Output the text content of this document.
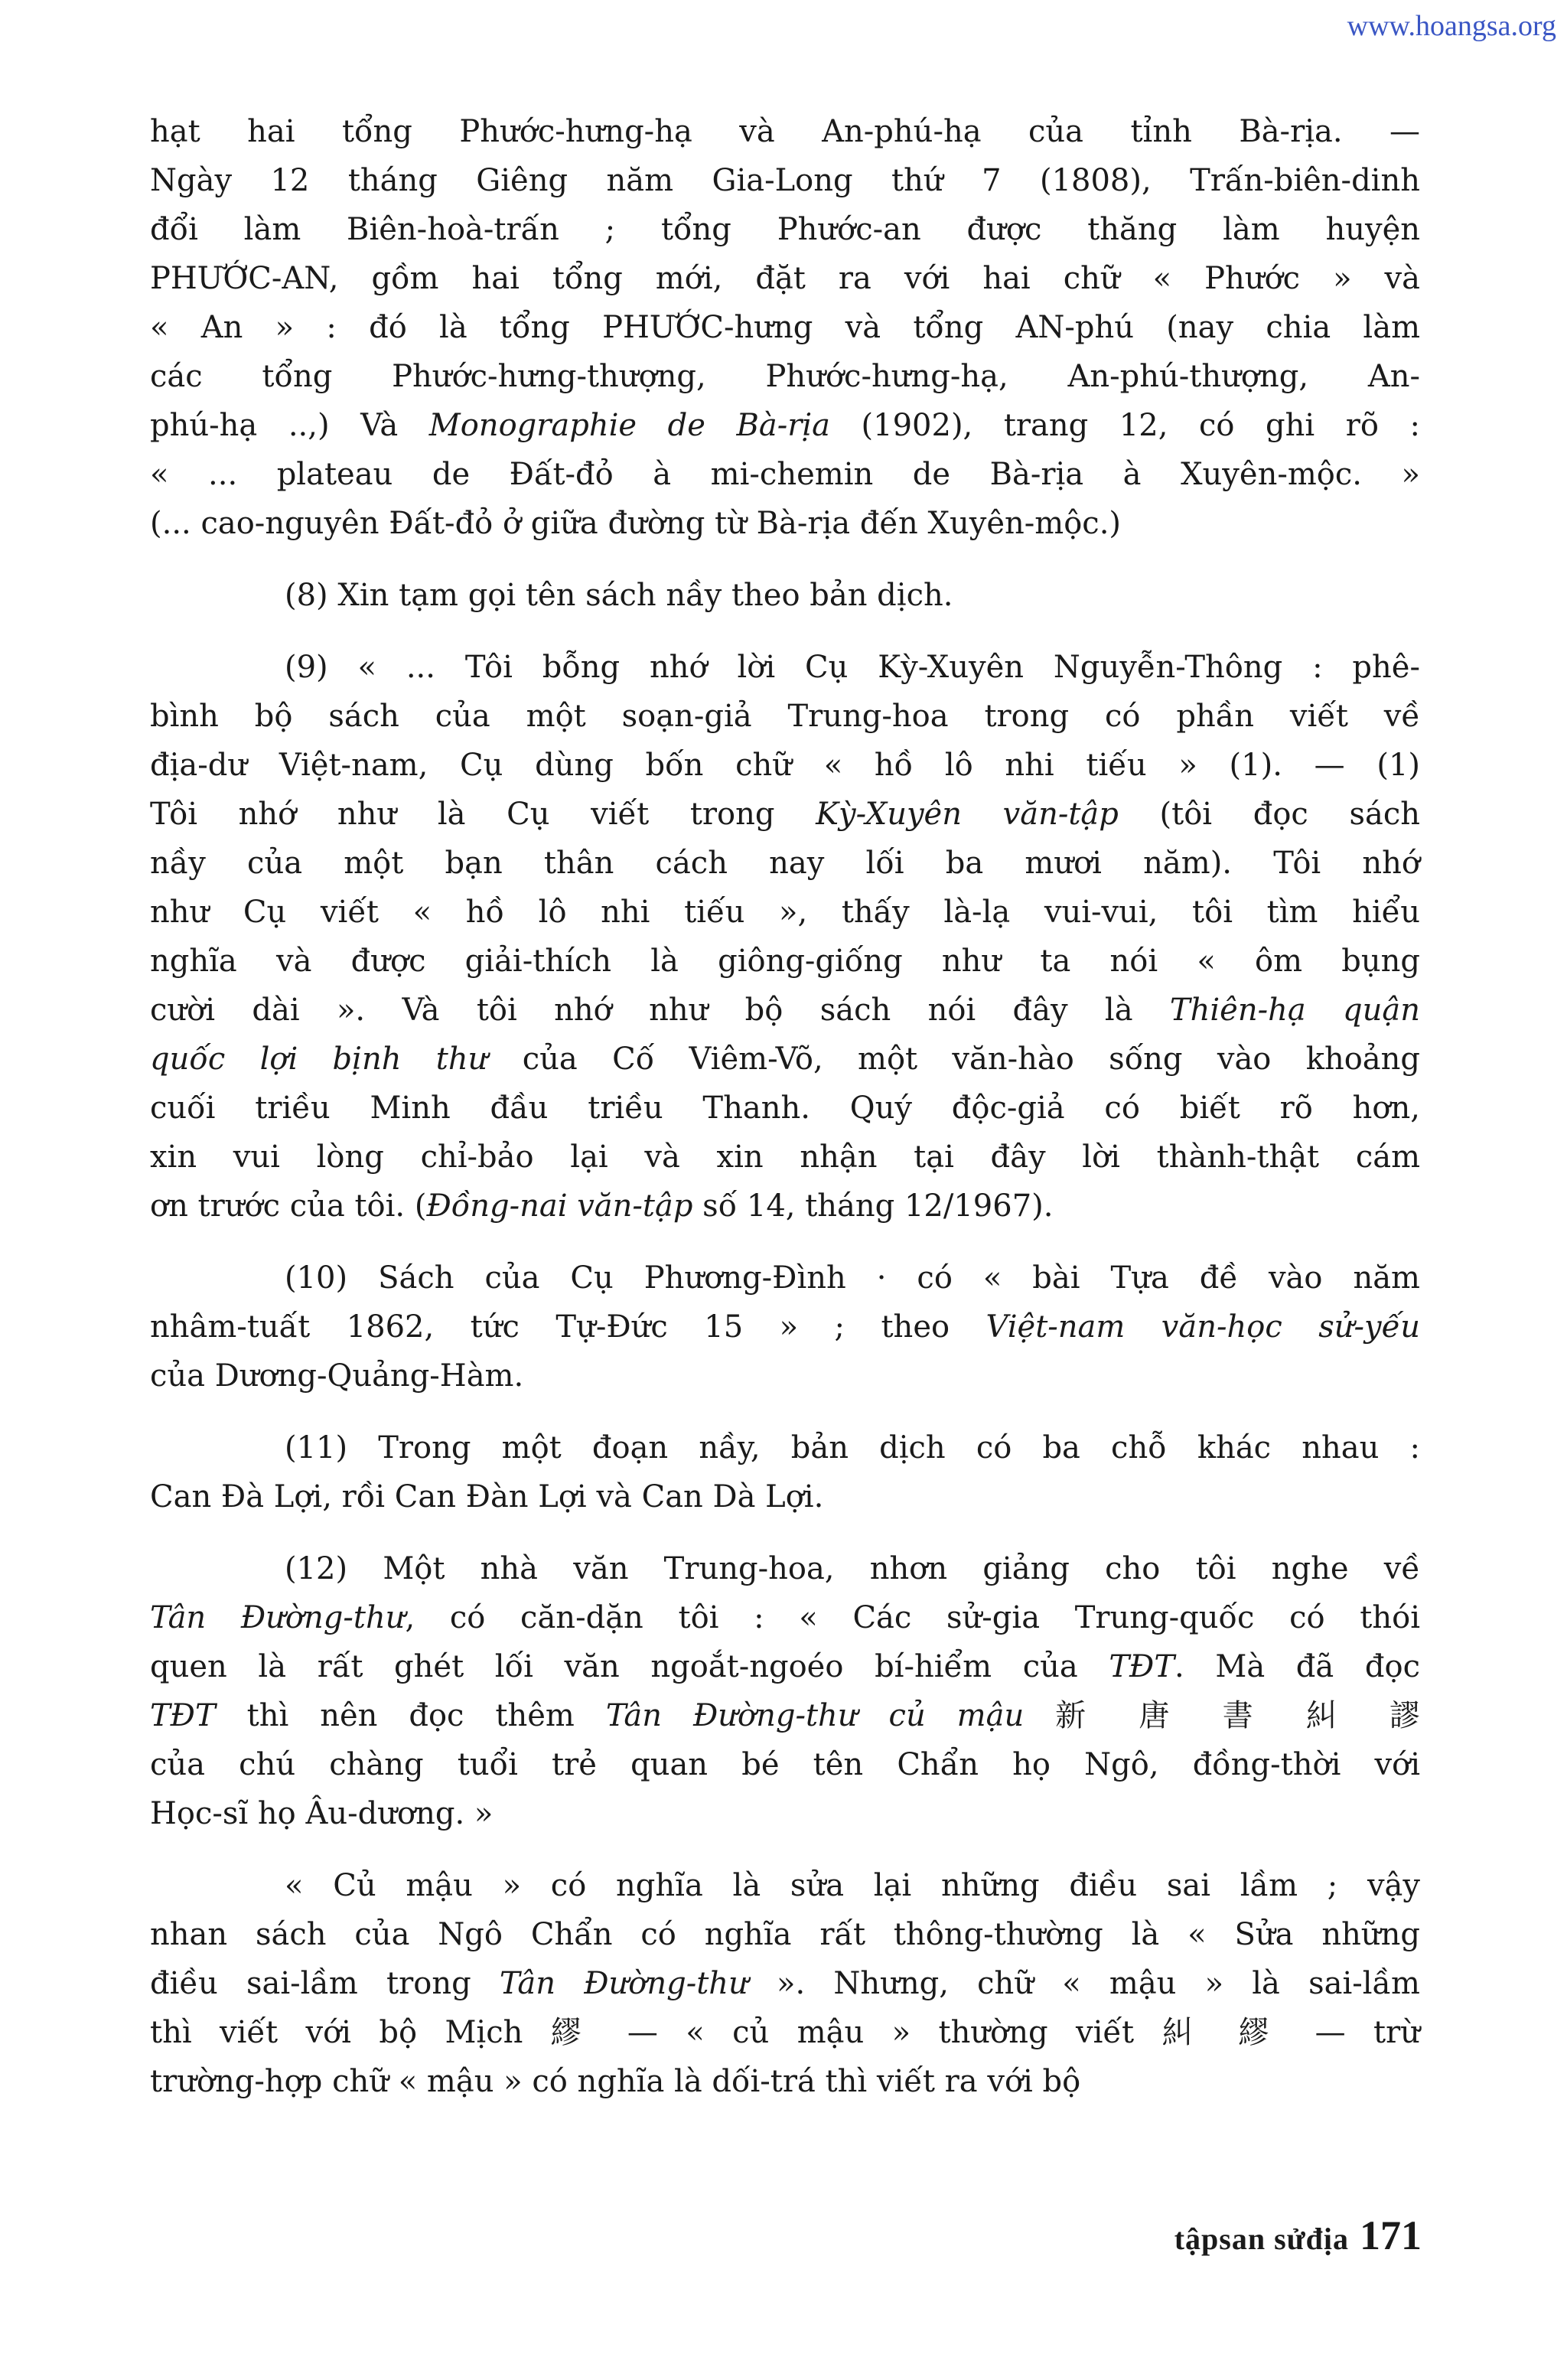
www.hoangsa.org
hạt hai tổng Phước-hưng-hạ và An-phú-hạ của tỉnh Bà-rịa. —
Ngày 12 tháng Giêng năm Gia-Long thứ 7 (1808), Trấn-biên-dinh
đổi làm Biên-hoà-trấn ; tổng Phước-an được thăng làm huyện
PHƯỚC-AN, gồm hai tổng mới, đặt ra với hai chữ « Phước » và
« An » : đó là tổng PHƯỚC-hưng và tổng AN-phú (nay chia làm
các tổng Phước-hưng-thượng, Phước-hưng-hạ, An-phú-thượng, An-
phú-hạ ..,) Và Monographie de Bà-rịa (1902), trang 12, có ghi rõ :
« ... plateau de Đất-đỏ à mi-chemin de Bà-rịa à Xuyên-mộc. »
(... cao-nguyên Đất-đỏ ở giữa đường từ Bà-rịa đến Xuyên-mộc.)
(8) Xin tạm gọi tên sách nầy theo bản dịch.
(9) « ... Tôi bỗng nhớ lời Cụ Kỳ-Xuyên Nguyễn-Thông : phê-
bình bộ sách của một soạn-giả Trung-hoa trong có phần viết về
địa-dư Việt-nam, Cụ dùng bốn chữ « hồ lô nhi tiếu » (1). — (1)
Tôi nhớ như là Cụ viết trong Kỳ-Xuyên văn-tập (tôi đọc sách
nầy của một bạn thân cách nay lối ba mươi năm). Tôi nhớ
như Cụ viết « hồ lô nhi tiếu », thấy là-lạ vui-vui, tôi tìm hiểu
nghĩa và được giải-thích là giông-giống như ta nói « ôm bụng
cười dài ». Và tôi nhớ như bộ sách nói đây là Thiên-hạ quận
quốc lợi bịnh thư của Cố Viêm-Võ, một văn-hào sống vào khoảng
cuối triều Minh đầu triều Thanh. Quý độc-giả có biết rõ hơn,
xin vui lòng chỉ-bảo lại và xin nhận tại đây lời thành-thật cám
ơn trước của tôi. (Đồng-nai văn-tập số 14, tháng 12/1967).
(10) Sách của Cụ Phương-Đình · có « bài Tựa đề vào năm
nhâm-tuất 1862, tức Tự-Đức 15 » ; theo Việt-nam văn-học sử-yếu
của Dương-Quảng-Hàm.
(11) Trong một đoạn nầy, bản dịch có ba chỗ khác nhau :
Can Đà Lợi, rồi Can Đàn Lợi và Can Dà Lợi.
(12) Một nhà văn Trung-hoa, nhơn giảng cho tôi nghe về
Tân Đường-thư, có căn-dặn tôi : « Các sử-gia Trung-quốc có thói
quen là rất ghét lối văn ngoắt-ngoéo bí-hiểm của TĐT. Mà đã đọc
TĐT thì nên đọc thêm Tân Đường-thư củ mậu 新 唐 書 糾 謬
của chú chàng tuổi trẻ quan bé tên Chẩn họ Ngô, đồng-thời với
Học-sĩ họ Âu-dương. »
« Củ mậu » có nghĩa là sửa lại những điều sai lầm ; vậy
nhan sách của Ngô Chẩn có nghĩa rất thông-thường là « Sửa những
điều sai-lầm trong Tân Đường-thư ». Nhưng, chữ « mậu » là sai-lầm
thì viết với bộ Mịch 繆 — « củ mậu » thường viết 糾 繆 — trừ
trường-hợp chữ « mậu » có nghĩa là dối-trá thì viết ra với bộ
tậpsan sửđịa 171
